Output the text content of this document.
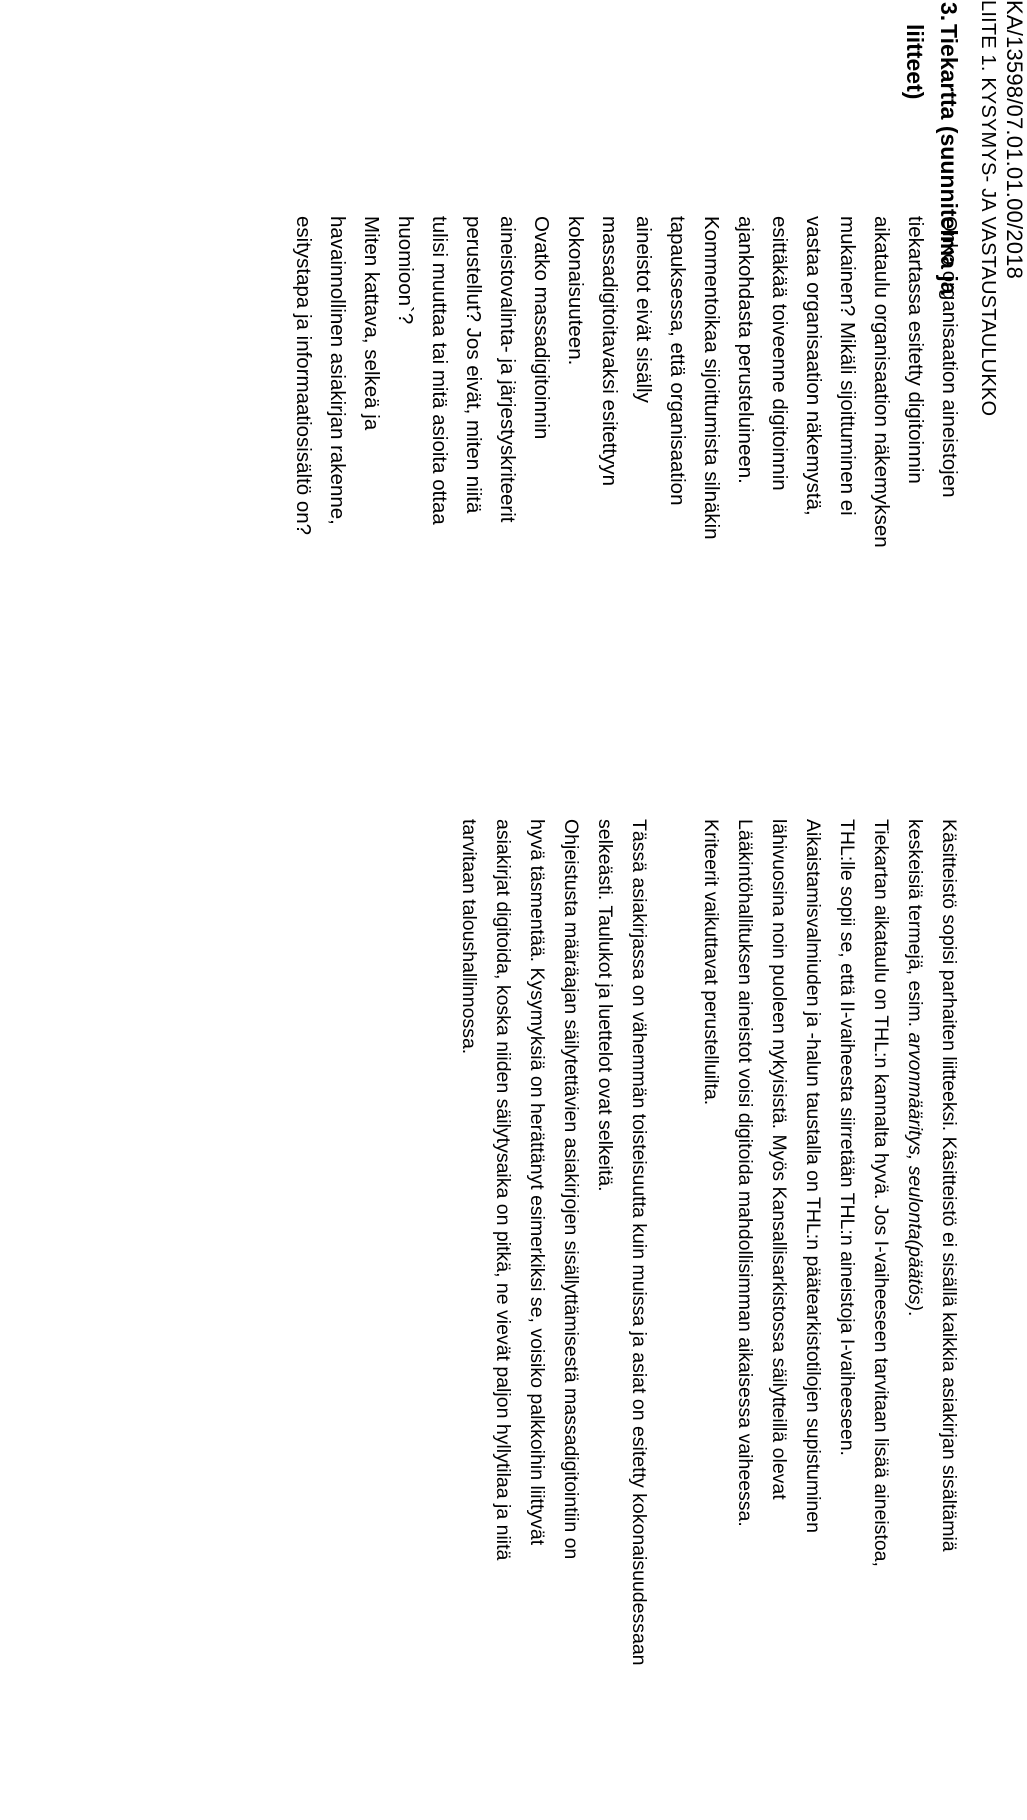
KA/13598/07.01.01.00/2018
LIITE 1. KYSYMYS- JA VASTAUSTAULUKKO
3.
Tiekartta (suunnitelma ja
liitteet)
Onko organisaation aineistojen
tiekartassa esitetty digitoinnin
aikataulu organisaation näkemyksen
mukainen? Mikäli sijoittuminen ei
vastaa organisaation näkemystä,
esittäkää toiveenne digitoinnin
ajankohdasta perusteluineen.
Kommentoikaa sijoittumista silnäkin
tapauksessa, että organisaation
aineistot eivät sisälly
massadigitoitavaksi esitettyyn
kokonaisuuteen.
Ovatko massadigitoinnin
aineistovalinta- ja järjestyskriteerit
perustellut? Jos eivät, miten niitä
tulisi muuttaa tai mitä asioita ottaa
huomioon`?
Miten kattava, selkeä ja
havainnollinen asiakirjan rakenne,
esitystapa ja informaatiosisältö on?
Käsitteistö sopisi parhaiten liitteeksi. Käsitteistö ei sisällä kaikkia asiakirjan sisältämiä
keskeisiä termejä, esim. arvonmääritys, seulonta(päätös).
Tiekartan aikataulu on THL:n kannalta hyvä. Jos I-vaiheeseen tarvitaan lisää aineistoa,
THL:lle sopii se, että II-vaiheesta siirretään THL:n aineistoja I-vaiheeseen.
Aikaistamisvalmiuden ja -halun taustalla on THL:n päätearkistotilojen supistuminen
lähivuosina noin puoleen nykyisistä. Myös Kansallisarkistossa säilytteillä olevat
Lääkintöhallituksen aineistot voisi digitoida mahdollisimman aikaisessa vaiheessa.
Kriteerit vaikuttavat perustelluilta.
Tässä asiakirjassa on vähemmän toisteisuutta kuin muissa ja asiat on esitetty kokonaisuudessaan
selkeästi. Taulukot ja luettelot ovat selkeitä.
Ohjeistusta määräajan säilytettävien asiakirjojen sisällyttämisestä massadigitointiin on
hyvä täsmentää. Kysymyksiä on herättänyt esimerkiksi se, voisiko palkkoihin liittyvät
asiakirjat digitoida, koska niiden säilytysaika on pitkä, ne vievät paljon hyllytilaa ja niitä
tarvitaan taloushallinnossa.
